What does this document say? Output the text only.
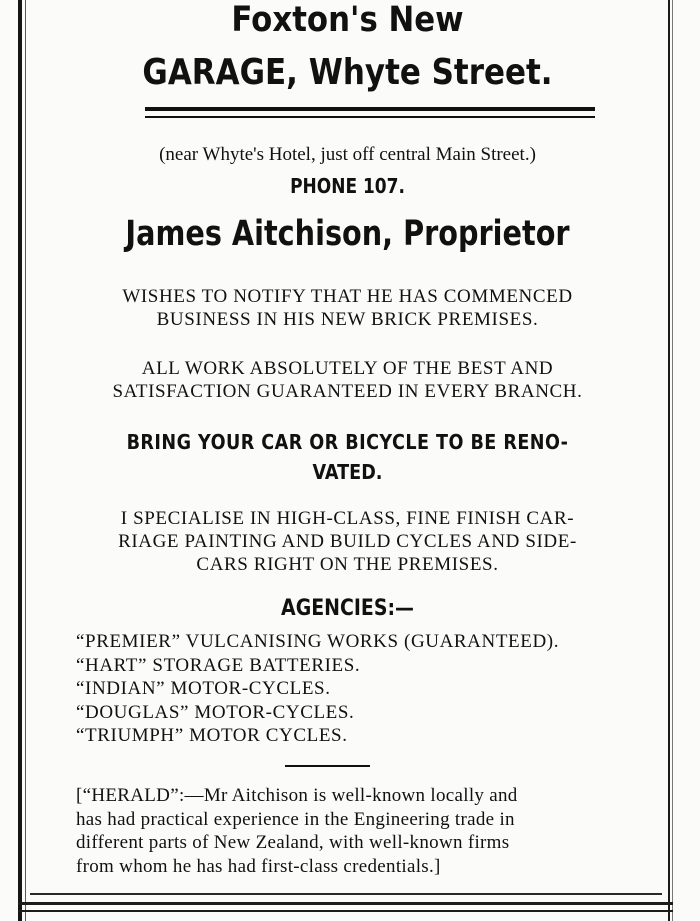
Foxton's New
GARAGE, Whyte Street.
(near Whyte's Hotel, just off central Main Street.)
PHONE 107.
James Aitchison, Proprietor
WISHES TO NOTIFY THAT HE HAS COMMENCED
BUSINESS IN HIS NEW BRICK PREMISES.
ALL WORK ABSOLUTELY OF THE BEST AND
SATISFACTION GUARANTEED IN EVERY BRANCH.
BRING YOUR CAR OR BICYCLE TO BE RENO-
VATED.
I SPECIALISE IN HIGH-CLASS, FINE FINISH CAR-
RIAGE PAINTING AND BUILD CYCLES AND SIDE-
CARS RIGHT ON THE PREMISES.
AGENCIES:—
“PREMIER” VULCANISING WORKS (GUARANTEED).
“HART” STORAGE BATTERIES.
“INDIAN” MOTOR-CYCLES.
“DOUGLAS” MOTOR-CYCLES.
“TRIUMPH” MOTOR CYCLES.
[“HERALD”:—Mr Aitchison is well-known locally and
has had practical experience in the Engineering trade in
different parts of New Zealand, with well-known firms
from whom he has had first-class credentials.]
